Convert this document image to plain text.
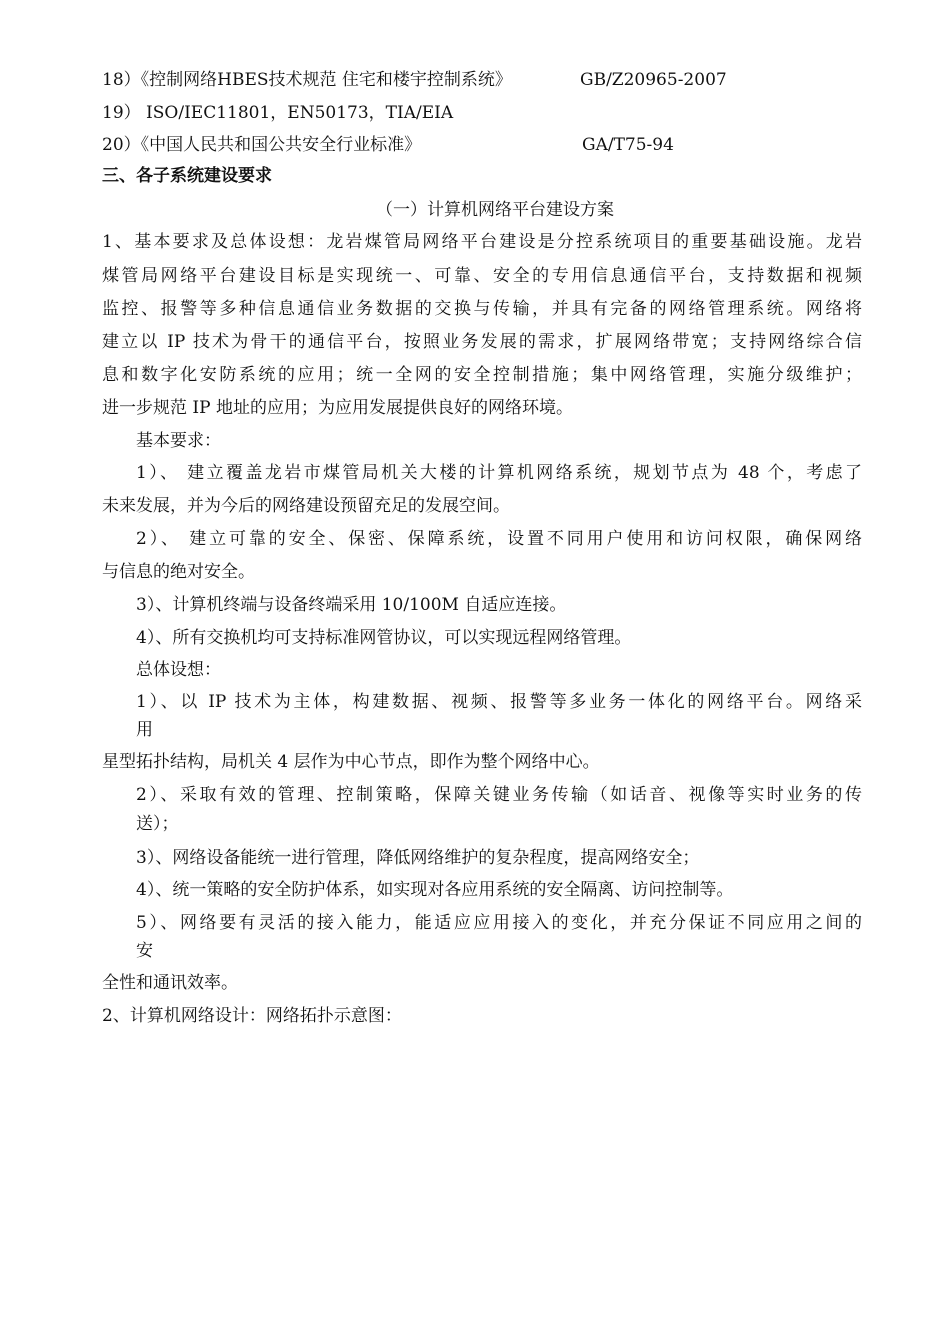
18）《控制网络HBES技术规范 住宅和楼宇控制系统》	GB/Z20965-2007
19） ISO/IEC11801，EN50173，TIA/EIA
20）《中国人民共和国公共安全行业标准》	GA/T75-94
三、各子系统建设要求
（一）计算机网络平台建设方案
1、基本要求及总体设想：龙岩煤管局网络平台建设是分控系统项目的重要基础设施。龙岩
煤管局网络平台建设目标是实现统一、可靠、安全的专用信息通信平台，支持数据和视频
监控、报警等多种信息通信业务数据的交换与传输，并具有完备的网络管理系统。网络将
建立以 IP 技术为骨干的通信平台，按照业务发展的需求，扩展网络带宽；支持网络综合信
息和数字化安防系统的应用；统一全网的安全控制措施；集中网络管理，实施分级维护；
进一步规范 IP 地址的应用；为应用发展提供良好的网络环境。
基本要求：
1）、 建立覆盖龙岩市煤管局机关大楼的计算机网络系统，规划节点为 48 个，考虑了
未来发展，并为今后的网络建设预留充足的发展空间。
2）、 建立可靠的安全、保密、保障系统，设置不同用户使用和访问权限，确保网络
与信息的绝对安全。
3）、计算机终端与设备终端采用 10/100M 自适应连接。
4）、所有交换机均可支持标准网管协议，可以实现远程网络管理。
总体设想：
1）、以 IP 技术为主体，构建数据、视频、报警等多业务一体化的网络平台。网络采
用
星型拓扑结构，局机关 4 层作为中心节点，即作为整个网络中心。
2）、采取有效的管理、控制策略，保障关键业务传输（如话音、视像等实时业务的传
送）；
3）、网络设备能统一进行管理，降低网络维护的复杂程度，提高网络安全；
4）、统一策略的安全防护体系，如实现对各应用系统的安全隔离、访问控制等。
5）、网络要有灵活的接入能力，能适应应用接入的变化，并充分保证不同应用之间的
安
全性和通讯效率。
2、计算机网络设计：网络拓扑示意图：
